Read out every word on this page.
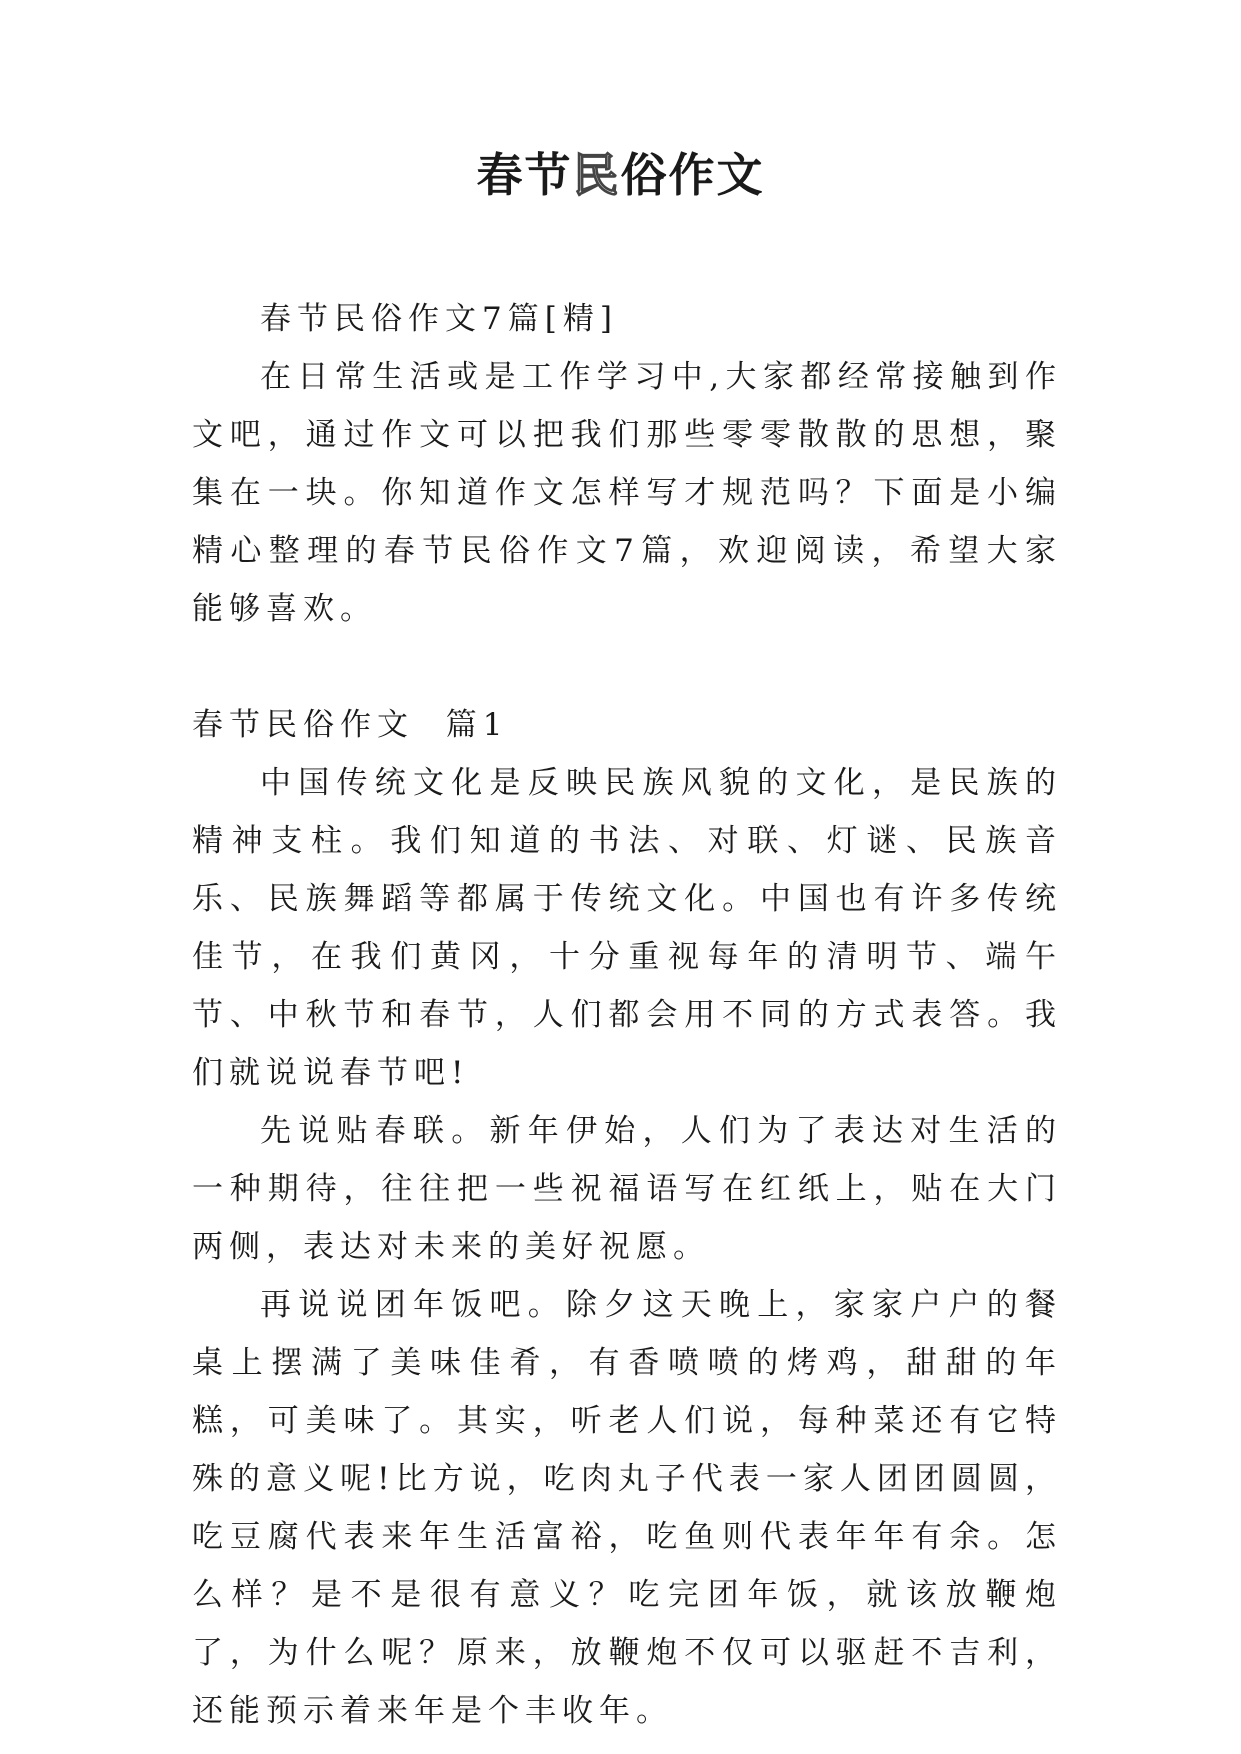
春节民俗作文

春节民俗作文7篇[精]

在日常生活或是工作学习中,大家都经常接触到作文吧，通过作文可以把我们那些零零散散的思想，聚集在一块。你知道作文怎样写才规范吗？下面是小编精心整理的春节民俗作文7篇，欢迎阅读，希望大家能够喜欢。

春节民俗作文  篇1

中国传统文化是反映民族风貌的文化，是民族的精神支柱。我们知道的书法、对联、灯谜、民族音乐、民族舞蹈等都属于传统文化。中国也有许多传统佳节，在我们黄冈，十分重视每年的清明节、端午节、中秋节和春节，人们都会用不同的方式表答。我们就说说春节吧!

先说贴春联。新年伊始，人们为了表达对生活的一种期待，往往把一些祝福语写在红纸上，贴在大门两侧，表达对未来的美好祝愿。

再说说团年饭吧。除夕这天晚上，家家户户的餐桌上摆满了美味佳肴，有香喷喷的烤鸡，甜甜的年糕，可美味了。其实，听老人们说，每种菜还有它特殊的意义呢!比方说，吃肉丸子代表一家人团团圆圆，吃豆腐代表来年生活富裕，吃鱼则代表年年有余。怎么样？是不是很有意义？吃完团年饭，就该放鞭炮了，为什么呢？原来，放鞭炮不仅可以驱赶不吉利，还能预示着来年是个丰收年。
